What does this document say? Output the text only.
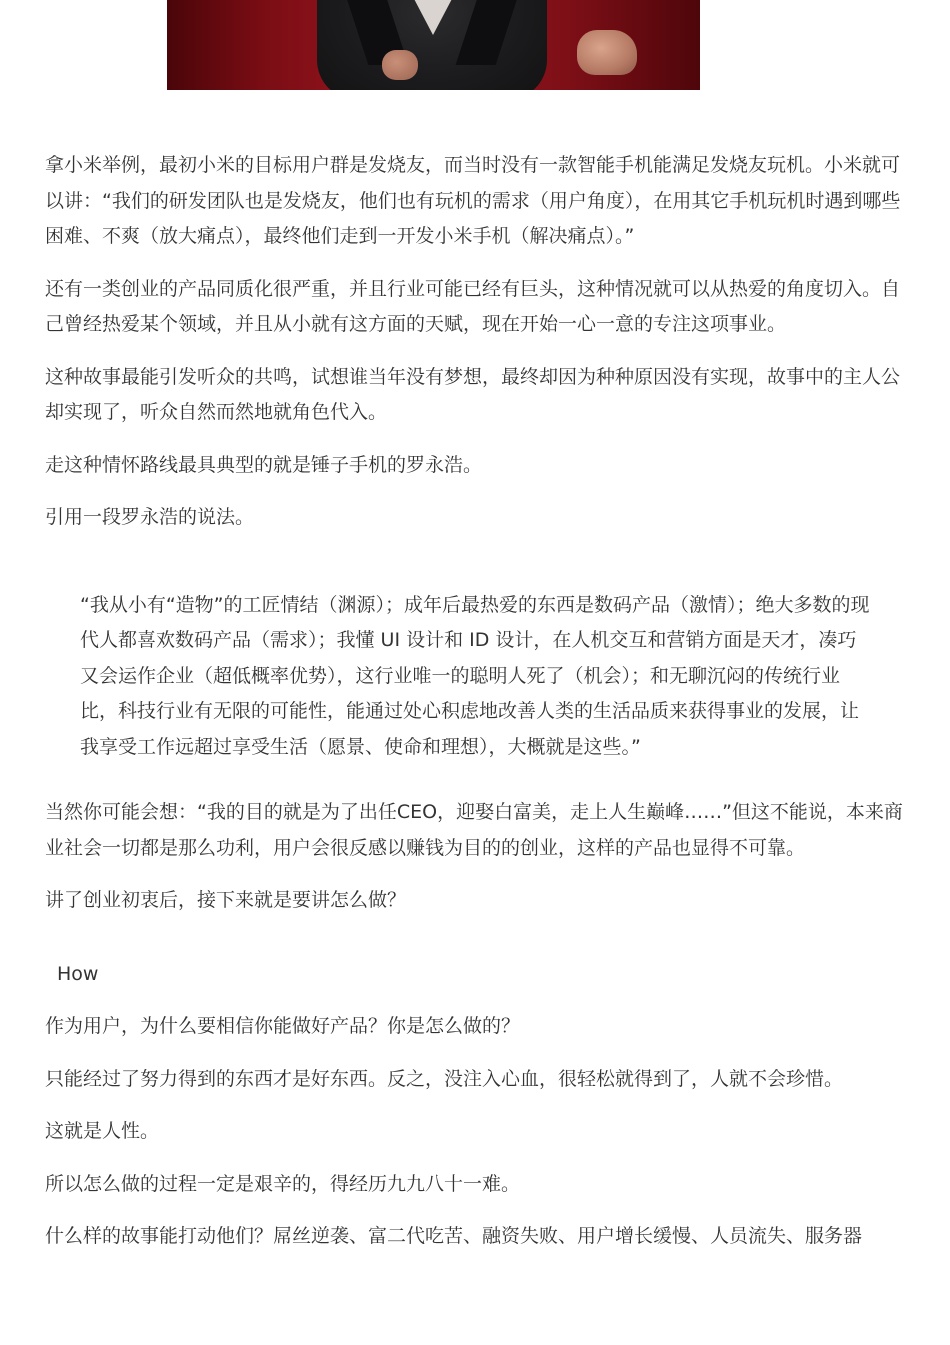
拿小米举例，最初小米的目标用户群是发烧友，而当时没有一款智能手机能满足发烧友玩机。小米就可以讲：“我们的研发团队也是发烧友，他们也有玩机的需求（用户角度），在用其它手机玩机时遇到哪些困难、不爽（放大痛点），最终他们走到一开发小米手机（解决痛点）。”

还有一类创业的产品同质化很严重，并且行业可能已经有巨头，这种情况就可以从热爱的角度切入。自己曾经热爱某个领域，并且从小就有这方面的天赋，现在开始一心一意的专注这项事业。

这种故事最能引发听众的共鸣，试想谁当年没有梦想，最终却因为种种原因没有实现，故事中的主人公却实现了，听众自然而然地就角色代入。

走这种情怀路线最具典型的就是锤子手机的罗永浩。

引用一段罗永浩的说法。

“我从小有“造物”的工匠情结（渊源）；成年后最热爱的东西是数码产品（激情）；绝大多数的现代人都喜欢数码产品（需求）；我懂 UI 设计和 ID 设计，在人机交互和营销方面是天才，凑巧又会运作企业（超低概率优势），这行业唯一的聪明人死了（机会）；和无聊沉闷的传统行业比，科技行业有无限的可能性，能通过处心积虑地改善人类的生活品质来获得事业的发展，让我享受工作远超过享受生活（愿景、使命和理想），大概就是这些。”

当然你可能会想：“我的目的就是为了出任CEO，迎娶白富美，走上人生巅峰……”但这不能说，本来商业社会一切都是那么功利，用户会很反感以赚钱为目的的创业，这样的产品也显得不可靠。

讲了创业初衷后，接下来就是要讲怎么做？

How

作为用户，为什么要相信你能做好产品？你是怎么做的？

只能经过了努力得到的东西才是好东西。反之，没注入心血，很轻松就得到了，人就不会珍惜。

这就是人性。

所以怎么做的过程一定是艰辛的，得经历九九八十一难。

什么样的故事能打动他们？屌丝逆袭、富二代吃苦、融资失败、用户增长缓慢、人员流失、服务器
